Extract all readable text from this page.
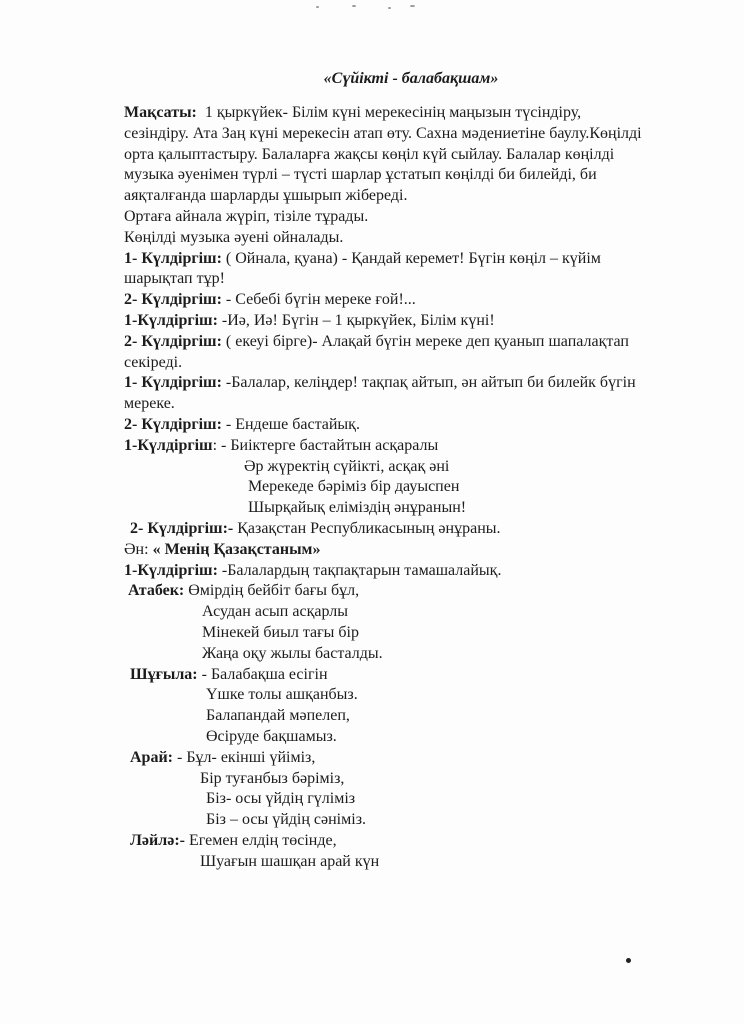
«Сүйікті - балабақшам»
Мақсаты: 1 қыркүйек- Білім күні мерекесінің маңызын түсіндіру,
сезіндіру. Ата Заң күні мерекесін атап өту. Сахна мәдениетіне баулу.Көңілді
орта қалыптастыру. Балаларға жақсы көңіл күй сыйлау. Балалар көңілді
музыка әуенімен түрлі – түсті шарлар ұстатып көңілді би билейді, би
аяқталғанда шарларды ұшырып жібереді.
Ортаға айнала жүріп, тізіле тұрады.
Көңілді музыка әуені ойналады.
1- Күлдіргіш: ( Ойнала, қуана) - Қандай керемет! Бүгін көңіл – күйім
шарықтап тұр!
2- Күлдіргіш: - Себебі бүгін мереке ғой!...
1-Күлдіргіш: -Иә, Иә! Бүгін – 1 қыркүйек, Білім күні!
2- Күлдіргіш: ( екеуі бірге)- Алақай бүгін мереке деп қуанып шапалақтап
секіреді.
1- Күлдіргіш: -Балалар, келіңдер! тақпақ айтып, ән айтып би билейк бүгін
мереке.
2- Күлдіргіш: - Ендеше бастайық.
1-Күлдіргіш: - Биіктерге бастайтын асқаралы
Әр жүректің сүйікті, асқақ әні
Мерекеде бәріміз бір дауыспен
Шырқайық еліміздің әнұранын!
2- Күлдіргіш:- Қазақстан Республикасының әнұраны.
Ән: « Менің Қазақстаным»
1-Күлдіргіш: -Балалардың тақпақтарын тамашалайық.
Атабек: Өмірдің бейбіт бағы бұл,
Асудан асып асқарлы
Мінекей биыл тағы бір
Жаңа оқу жылы басталды.
Шұғыла: - Балабақша есігін
Үшке толы ашқанбыз.
Балапандай мәпелеп,
Өсіруде бақшамыз.
Арай: - Бұл- екінші үйіміз,
Бір туғанбыз бәріміз,
Біз- осы үйдің гүліміз
Біз – осы үйдің сәніміз.
Ләйлә:- Егемен елдің төсінде,
Шуағын шашқан арай күн
